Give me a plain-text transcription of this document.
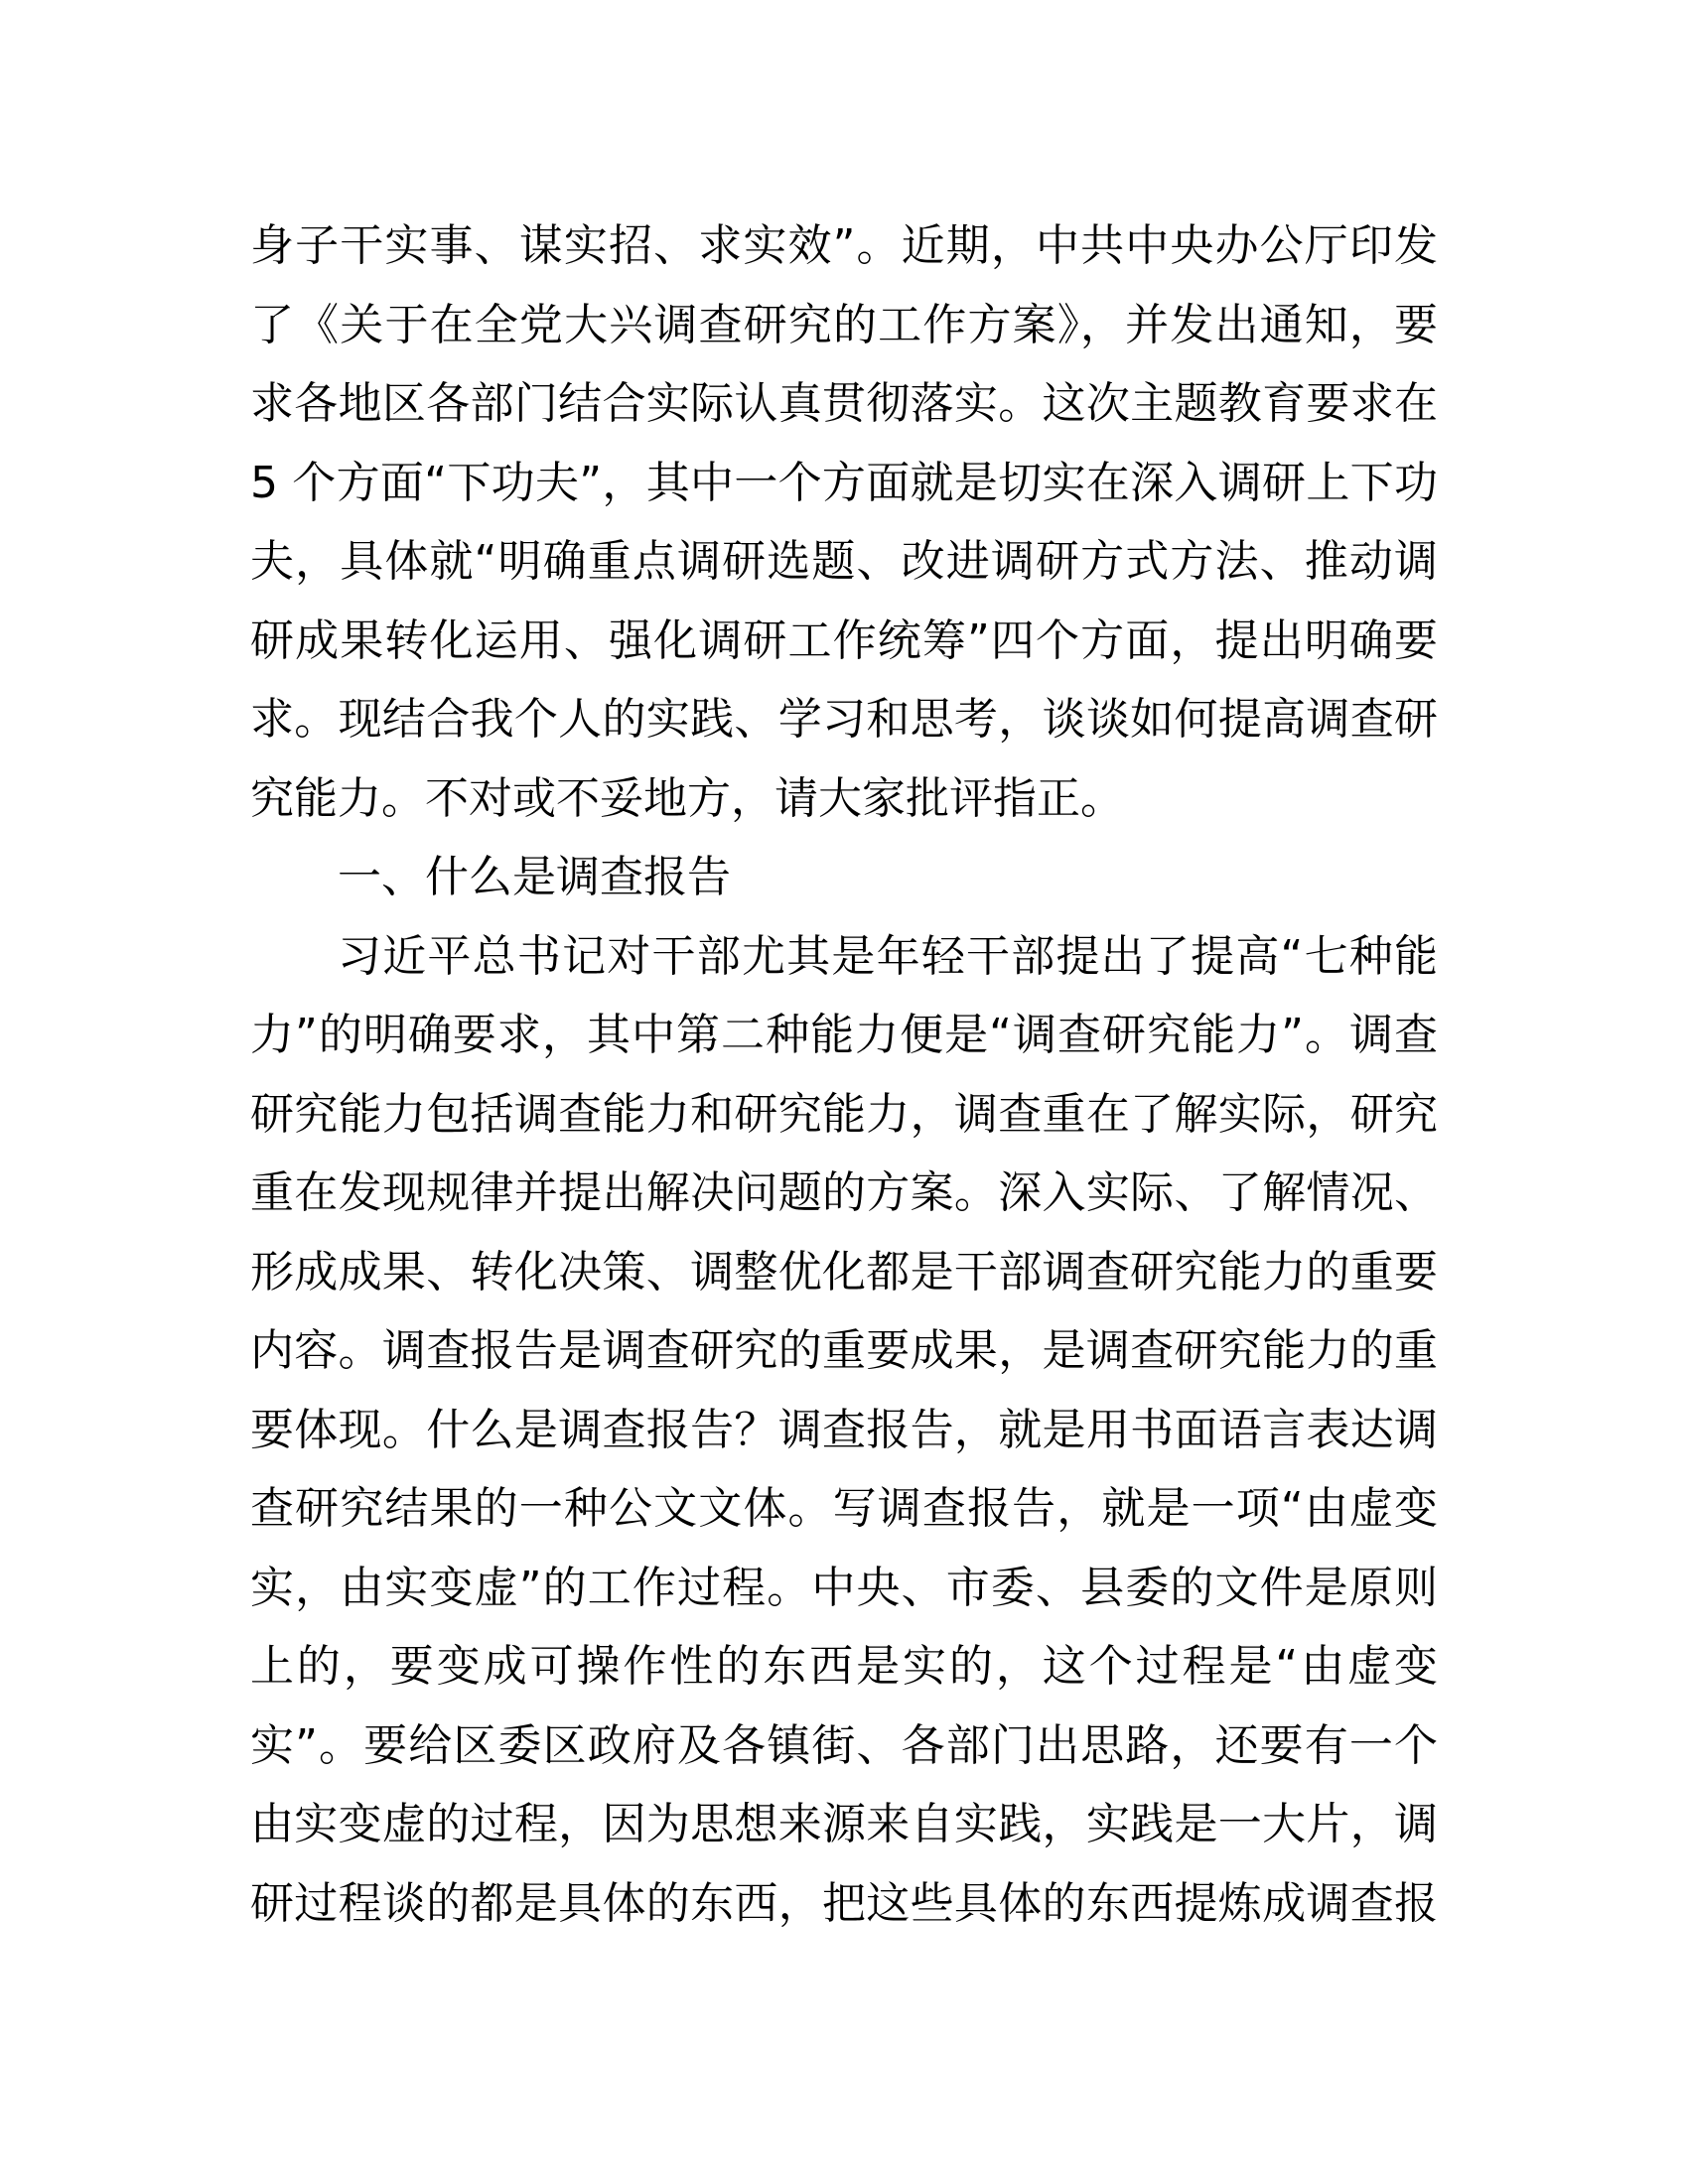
身子干实事、谋实招、求实效”。近期，中共中央办公厅印发
了《关于在全党大兴调查研究的工作方案》，并发出通知，要
求各地区各部门结合实际认真贯彻落实。这次主题教育要求在
5 个方面“下功夫”，其中一个方面就是切实在深入调研上下功
夫，具体就“明确重点调研选题、改进调研方式方法、推动调
研成果转化运用、强化调研工作统筹”四个方面，提出明确要
求。现结合我个人的实践、学习和思考，谈谈如何提高调查研
究能力。不对或不妥地方，请大家批评指正。
一、什么是调查报告
习近平总书记对干部尤其是年轻干部提出了提高“七种能
力”的明确要求，其中第二种能力便是“调查研究能力”。调查
研究能力包括调查能力和研究能力，调查重在了解实际，研究
重在发现规律并提出解决问题的方案。深入实际、了解情况、
形成成果、转化决策、调整优化都是干部调查研究能力的重要
内容。调查报告是调查研究的重要成果，是调查研究能力的重
要体现。什么是调查报告？调查报告，就是用书面语言表达调
查研究结果的一种公文文体。写调查报告，就是一项“由虚变
实，由实变虚”的工作过程。中央、市委、县委的文件是原则
上的，要变成可操作性的东西是实的，这个过程是“由虚变
实”。要给区委区政府及各镇街、各部门出思路，还要有一个
由实变虚的过程，因为思想来源来自实践，实践是一大片，调
研过程谈的都是具体的东西，把这些具体的东西提炼成调查报
